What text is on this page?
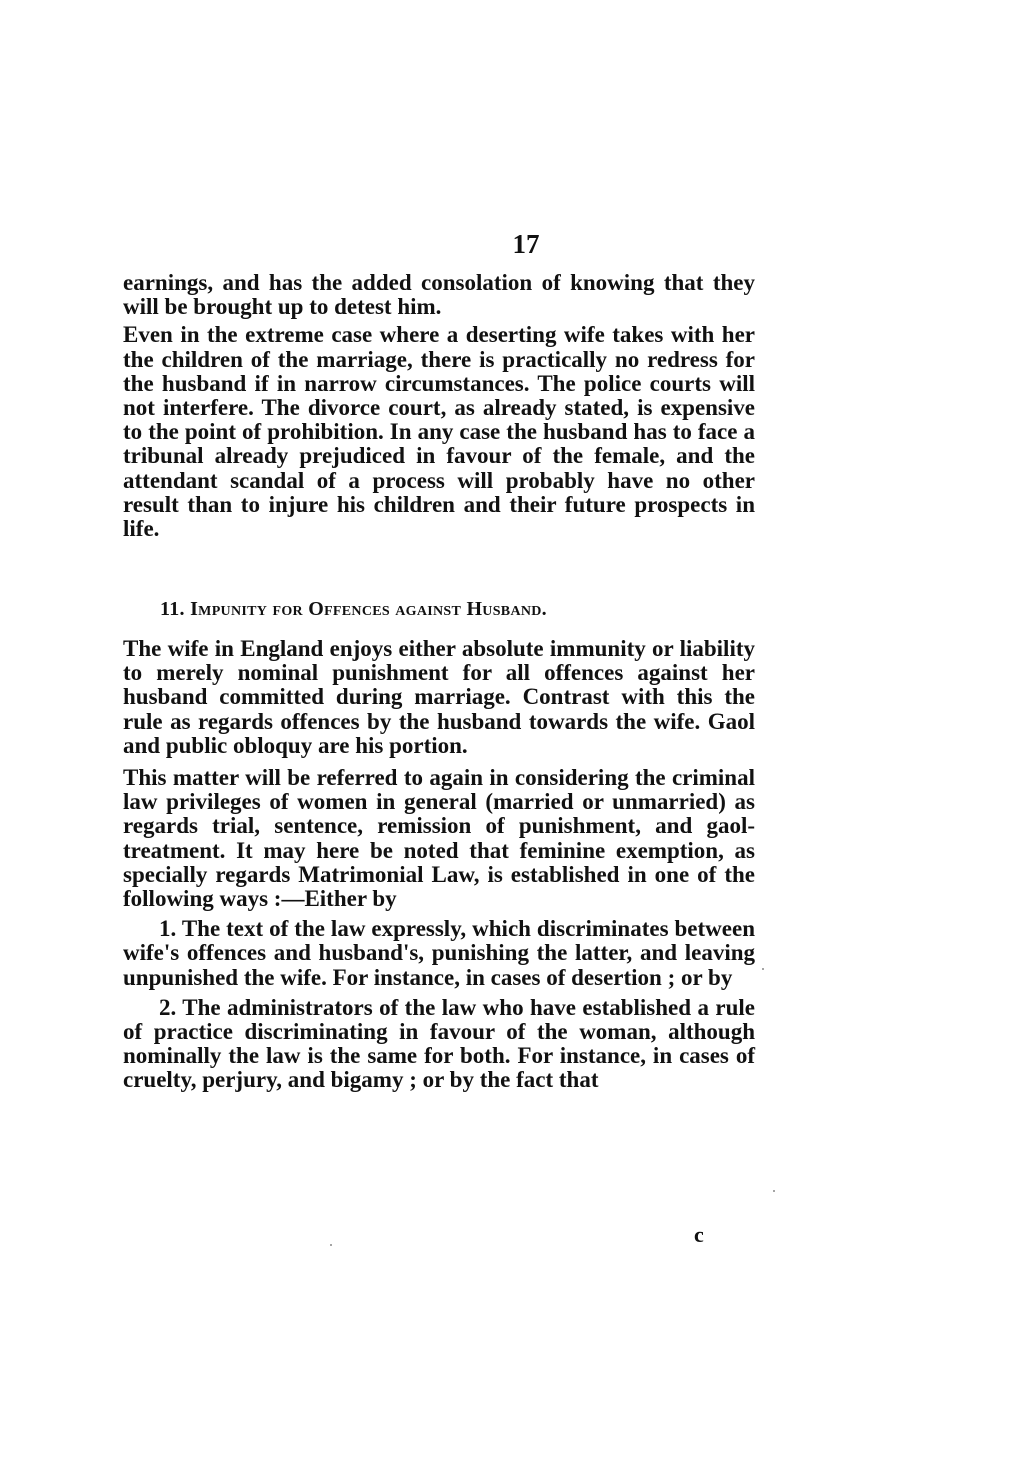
17

earnings, and has the added consolation of knowing that they will be brought up to detest him.

Even in the extreme case where a deserting wife takes with her the children of the marriage, there is practically no redress for the husband if in narrow circumstances. The police courts will not interfere. The divorce court, as already stated, is expensive to the point of prohibition. In any case the husband has to face a tribunal already prejudiced in favour of the female, and the attendant scandal of a process will probably have no other result than to injure his children and their future prospects in life.

11. Impunity for Offences against Husband.

The wife in England enjoys either absolute immunity or liability to merely nominal punishment for all offences against her husband committed during marriage. Contrast with this the rule as regards offences by the husband towards the wife. Gaol and public obloquy are his portion.

This matter will be referred to again in considering the criminal law privileges of women in general (married or unmarried) as regards trial, sentence, remission of punishment, and gaol-treatment. It may here be noted that feminine exemption, as specially regards Matrimonial Law, is established in one of the following ways :—Either by

1. The text of the law expressly, which discriminates between wife's offences and husband's, punishing the latter, and leaving unpunished the wife. For instance, in cases of desertion ; or by

2. The administrators of the law who have established a rule of practice discriminating in favour of the woman, although nominally the law is the same for both. For instance, in cases of cruelty, perjury, and bigamy ; or by the fact that

c
